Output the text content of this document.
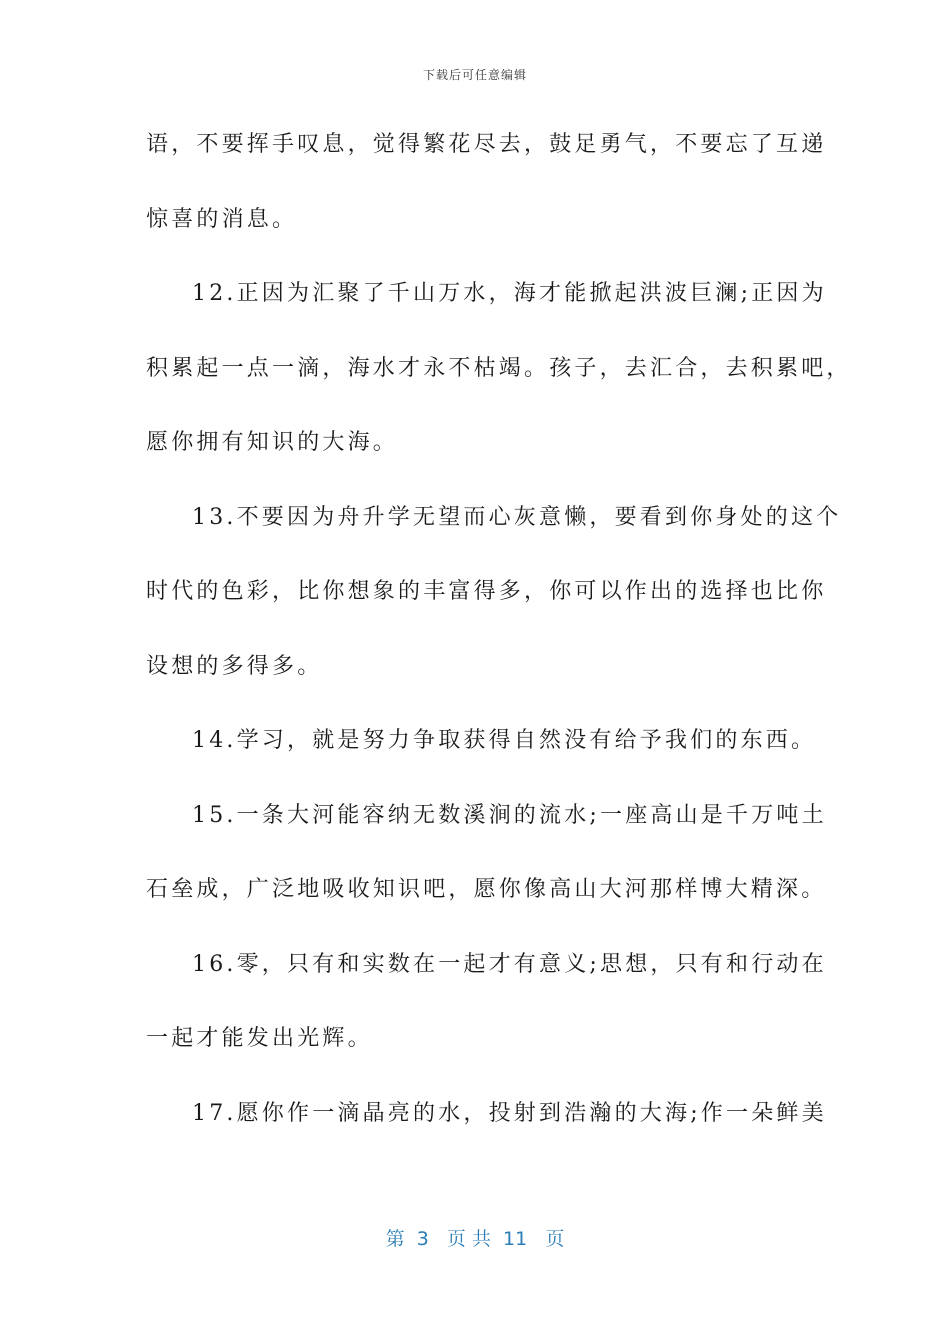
下载后可任意编辑
语，不要挥手叹息，觉得繁花尽去，鼓足勇气，不要忘了互递
惊喜的消息。
12.正因为汇聚了千山万水，海才能掀起洪波巨澜;正因为
积累起一点一滴，海水才永不枯竭。孩子，去汇合，去积累吧，
愿你拥有知识的大海。
13.不要因为舟升学无望而心灰意懒，要看到你身处的这个
时代的色彩，比你想象的丰富得多，你可以作出的选择也比你
设想的多得多。
14.学习，就是努力争取获得自然没有给予我们的东西。
15.一条大河能容纳无数溪涧的流水;一座高山是千万吨土
石垒成，广泛地吸收知识吧，愿你像高山大河那样博大精深。
16.零，只有和实数在一起才有意义;思想，只有和行动在
一起才能发出光辉。
17.愿你作一滴晶亮的水，投射到浩瀚的大海;作一朵鲜美
第  3   页 共  11   页
